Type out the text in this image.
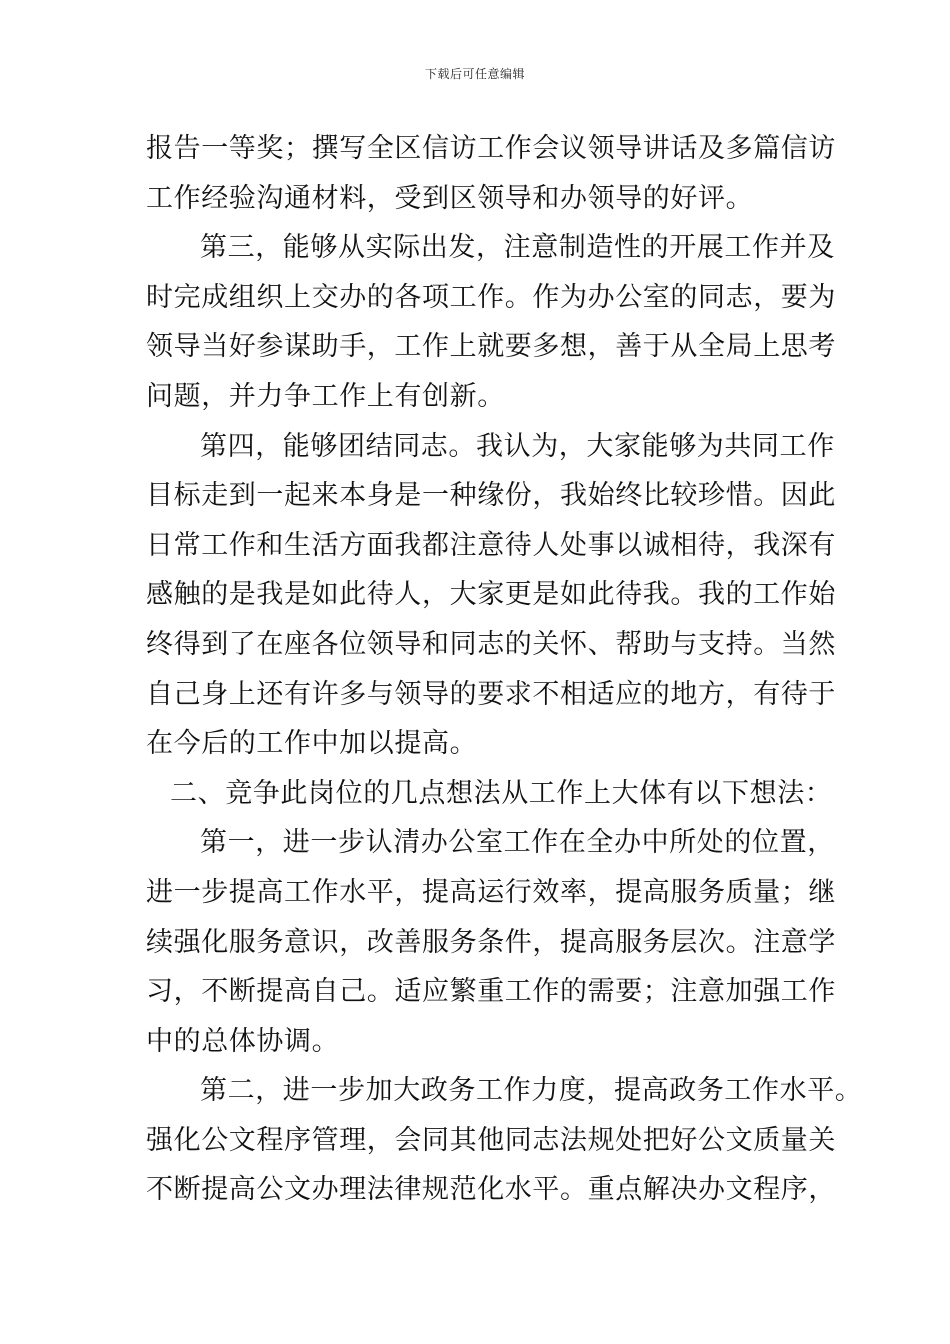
下载后可任意编辑
报告一等奖；撰写全区信访工作会议领导讲话及多篇信访
工作经验沟通材料，受到区领导和办领导的好评。
第三，能够从实际出发，注意制造性的开展工作并及
时完成组织上交办的各项工作。作为办公室的同志，要为
领导当好参谋助手，工作上就要多想，善于从全局上思考
问题，并力争工作上有创新。
第四，能够团结同志。我认为，大家能够为共同工作
目标走到一起来本身是一种缘份，我始终比较珍惜。因此
日常工作和生活方面我都注意待人处事以诚相待，我深有
感触的是我是如此待人，大家更是如此待我。我的工作始
终得到了在座各位领导和同志的关怀、帮助与支持。当然
自己身上还有许多与领导的要求不相适应的地方，有待于
在今后的工作中加以提高。
二、竞争此岗位的几点想法从工作上大体有以下想法：
第一，进一步认清办公室工作在全办中所处的位置，
进一步提高工作水平，提高运行效率，提高服务质量；继
续强化服务意识，改善服务条件，提高服务层次。注意学
习，不断提高自己。适应繁重工作的需要；注意加强工作
中的总体协调。
第二，进一步加大政务工作力度，提高政务工作水平。
强化公文程序管理，会同其他同志法规处把好公文质量关
不断提高公文办理法律规范化水平。重点解决办文程序，
